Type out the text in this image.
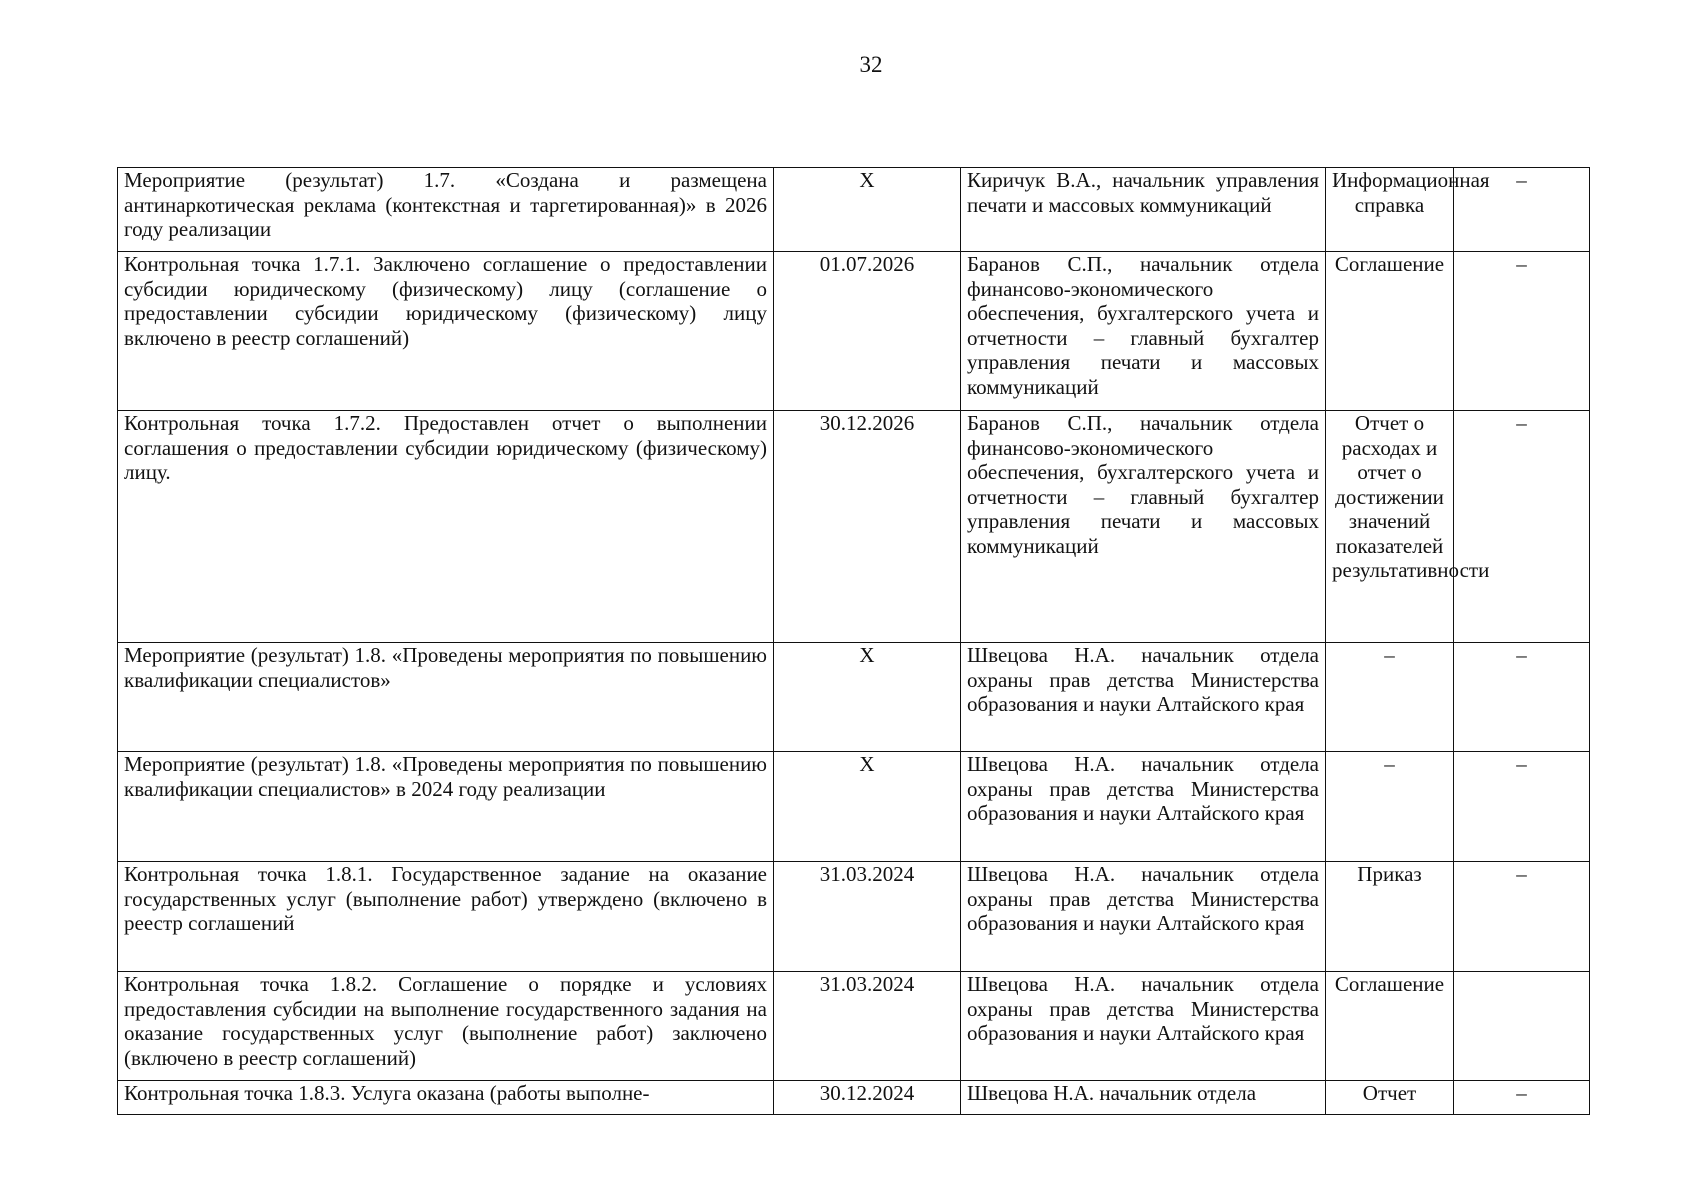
32
Мероприятие (результат) 1.7. «Создана и размещена антинаркотическая реклама (контекстная и таргетированная)» в 2026 году реализации	X	Киричук В.А., начальник управления печати и массовых коммуникаций	Информационная справка	–
Контрольная точка 1.7.1. Заключено соглашение о предоставлении субсидии юридическому (физическому) лицу (соглашение о предоставлении субсидии юридическому (физическому) лицу включено в реестр соглашений)	01.07.2026	Баранов С.П., начальник отдела финансово-экономического обеспечения, бухгалтерского учета и отчетности – главный бухгалтер управления печати и массовых коммуникаций	Соглашение	–
Контрольная точка 1.7.2. Предоставлен отчет о выполнении соглашения о предоставлении субсидии юридическому (физическому) лицу.	30.12.2026	Баранов С.П., начальник отдела финансово-экономического обеспечения, бухгалтерского учета и отчетности – главный бухгалтер управления печати и массовых коммуникаций	Отчет о расходах и отчет о достижении значений показателей результативности	–
Мероприятие (результат) 1.8. «Проведены мероприятия по повышению квалификации специалистов»	X	Швецова Н.А. начальник отдела охраны прав детства Министерства образования и науки Алтайского края	–	–
Мероприятие (результат) 1.8. «Проведены мероприятия по повышению квалификации специалистов» в 2024 году реализации	X	Швецова Н.А. начальник отдела охраны прав детства Министерства образования и науки Алтайского края	–	–
Контрольная точка 1.8.1. Государственное задание на оказание государственных услуг (выполнение работ) утверждено (включено в реестр соглашений	31.03.2024	Швецова Н.А. начальник отдела охраны прав детства Министерства образования и науки Алтайского края	Приказ	–
Контрольная точка 1.8.2. Соглашение о порядке и условиях предоставления субсидии на выполнение государственного задания на оказание государственных услуг (выполнение работ) заключено (включено в реестр соглашений)	31.03.2024	Швецова Н.А. начальник отдела охраны прав детства Министерства образования и науки Алтайского края	Соглашение	
Контрольная точка 1.8.3. Услуга оказана (работы выполне-	30.12.2024	Швецова Н.А. начальник отдела	Отчет	–
